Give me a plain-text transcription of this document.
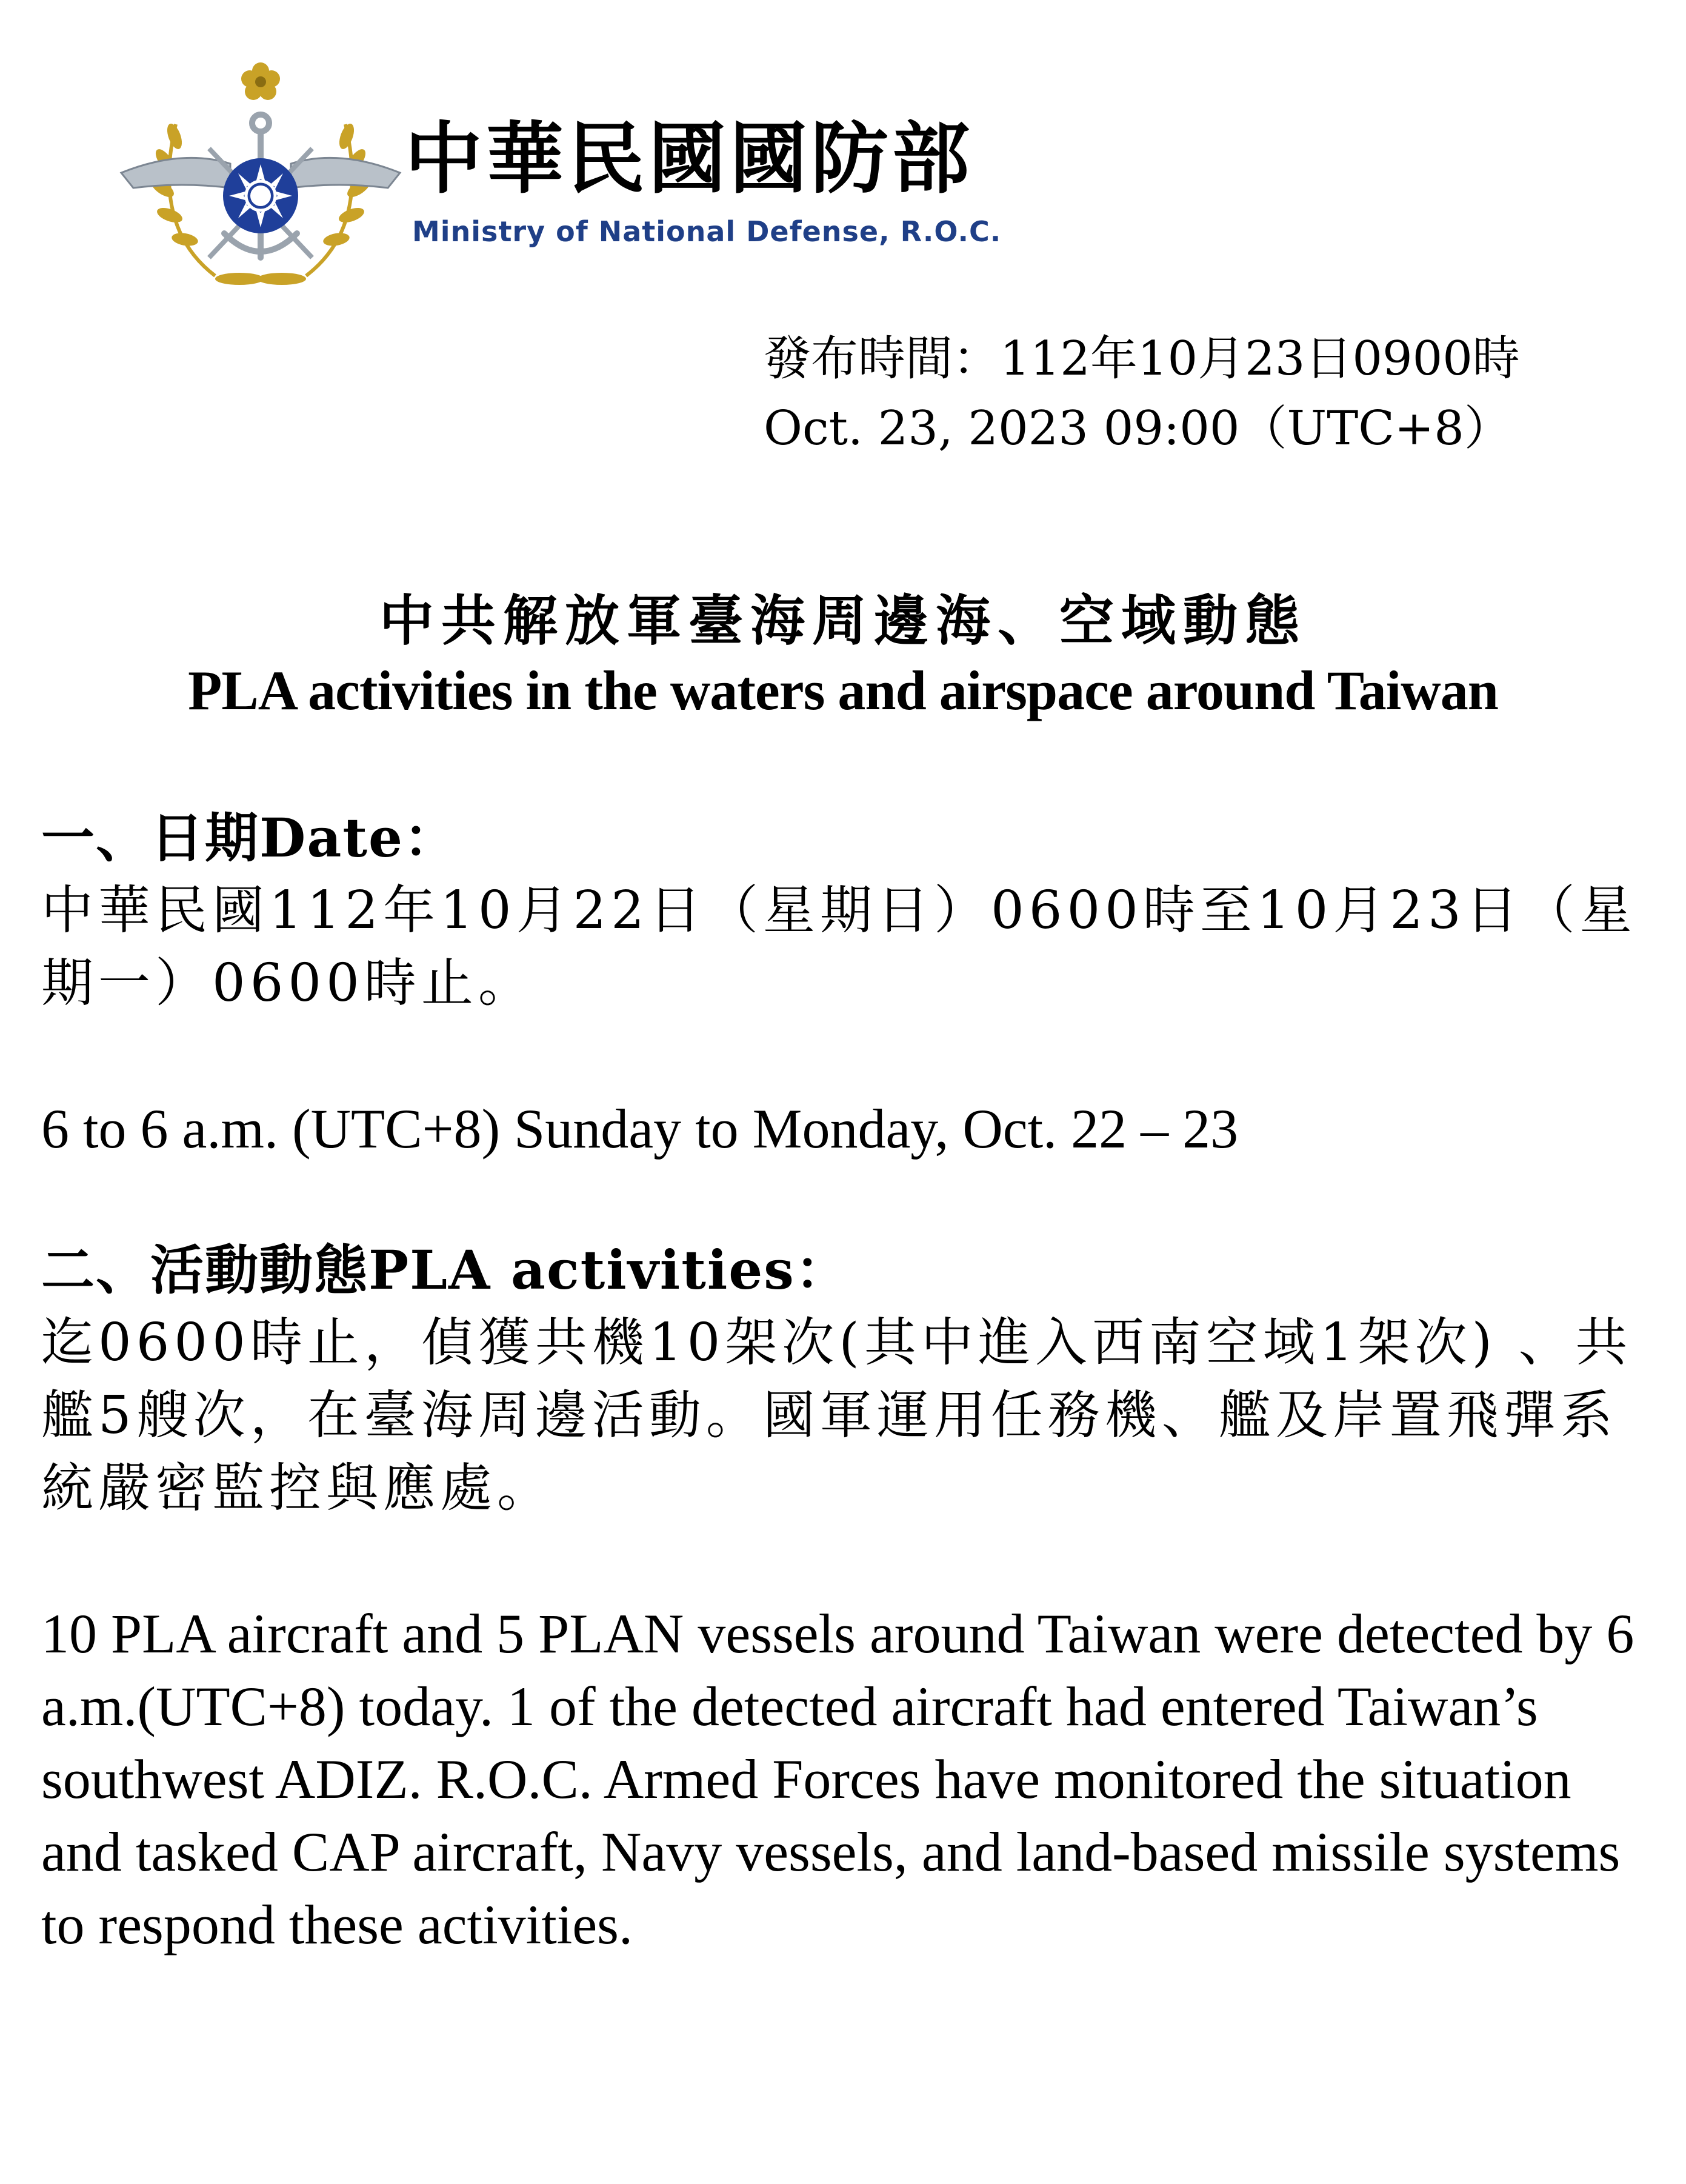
中華民國國防部
Ministry of National Defense, R.O.C.
發布時間：112年10月23日0900時
Oct. 23, 2023 09:00（UTC+8）
中共解放軍臺海周邊海、空域動態
PLA activities in the waters and airspace around Taiwan
一、日期Date：
中華民國112年10月22日（星期日）0600時至10月23日（星期一）0600時止。
6 to 6 a.m. (UTC+8) Sunday to Monday, Oct. 22 – 23
二、活動動態PLA activities：
迄0600時止，偵獲共機10架次(其中進入西南空域1架次) 、共艦5艘次，在臺海周邊活動。國軍運用任務機、艦及岸置飛彈系統嚴密監控與應處。
10 PLA aircraft and 5 PLAN vessels around Taiwan were detected by 6 a.m.(UTC+8) today. 1 of the detected aircraft had entered Taiwan’s southwest ADIZ. R.O.C. Armed Forces have monitored the situation and tasked CAP aircraft, Navy vessels, and land-based missile systems to respond these activities.
